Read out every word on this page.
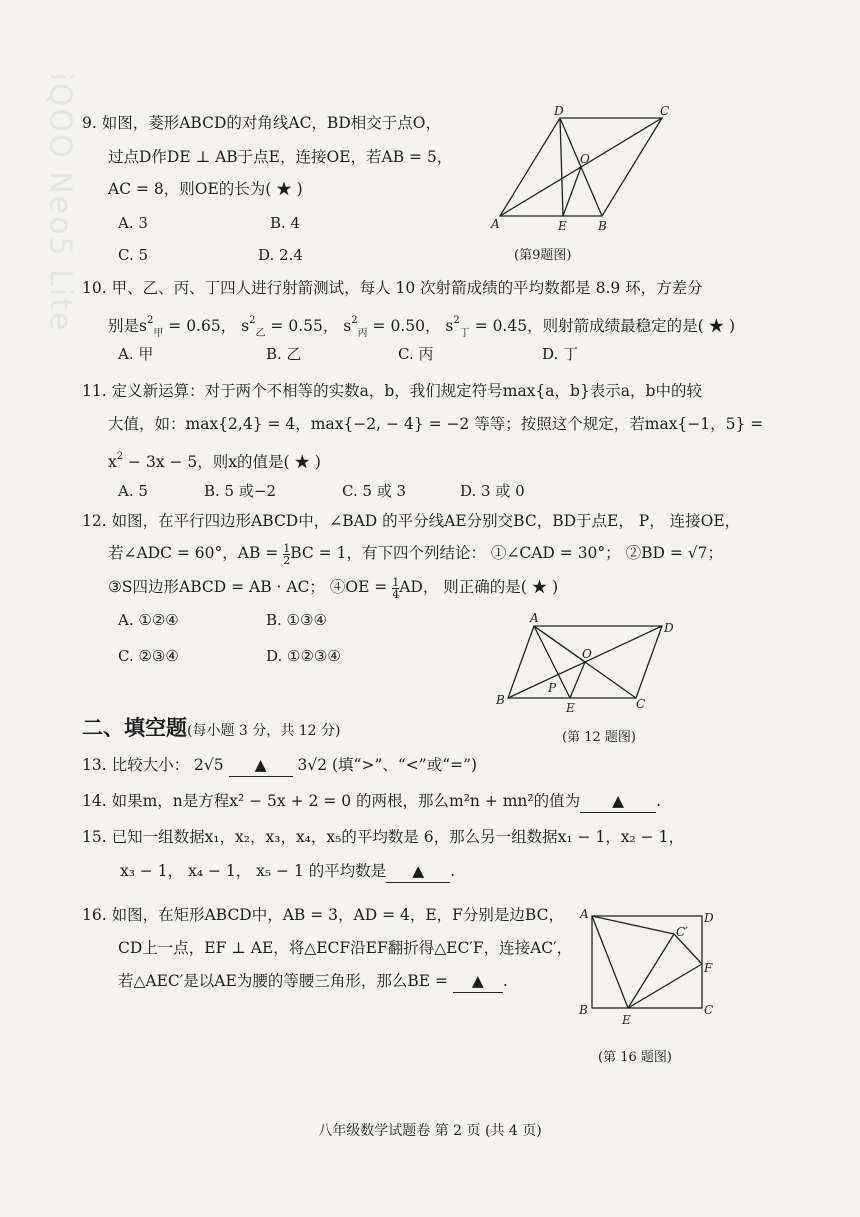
iQOO Neo5 Lite 9. 如图，菱形ABCD的对角线AC，BD相交于点O，
过点D作DE ⊥ AB于点E，连接OE，若AB = 5，
AC = 8，则OE的长为( ★ )
A. 3	B. 4
C. 5	D. 2.4
D	C
O
A	E	B
(第9题图)
10. 甲、乙、丙、丁四人进行射箭测试，每人 10 次射箭成绩的平均数都是 8.9 环，方差分
别是$s^2_甲 = 0.65$， $s^2_乙 = 0.55$， $s^2_丙 = 0.50$， $s^2_丁 = 0.45$，则射箭成绩最稳定的是( ★ )
A. 甲	B. 乙	C. 丙	D. 丁
11. 定义新运算：对于两个不相等的实数a，b，我们规定符号max{a，b}表示a，b中的较
大值，如：max{2,4} = 4，max{−2, − 4} = −2 等等；按照这个规定，若max{−1，5} =
$x^2 - 3x - 5$，则x的值是( ★ )
A. 5	B. 5 或−2	C. 5 或 3	D. 3 或 0
12. 如图，在平行四边形ABCD中，∠BAD 的平分线AE分别交BC，BD于点E， P， 连接OE，
若∠ADC = 60°，AB = $\frac{1}{2}$ BC = 1，有下四个列结论： ①∠CAD = 30°； ②BD = √7；
③S四边形ABCD = AB · AC； ④OE = $\frac{1}{4}$ AD， 则正确的是( ★ )
A. ①②④	B. ①③④
C. ②③④	D. ①②③④
A
D
O
P
B
E	C
(第 12 题图)
二、填空题(每小题 3 分，共 12 分)
13. 比较大小： 2√5 ▲ 3√2 (填“>”、“<”或“=”)
14. 如果m，n是方程x² − 5x + 2 = 0 的两根，那么m²n + mn²的值为 ▲ .
15. 已知一组数据x₁，x₂，x₃，x₄，x₅的平均数是 6，那么另一组数据x₁ − 1，x₂ − 1，
x₃ − 1， x₄ − 1， x₅ − 1 的平均数是 ▲ .
16. 如图，在矩形ABCD中，AB = 3，AD = 4，E，F分别是边BC，
CD上一点，EF ⊥ AE，将△ECF沿EF翻折得△EC′F，连接AC′，
若△AEC′是以AE为腰的等腰三角形，那么BE = ▲ .
A	D
C′
F
B
E
C
(第 16 题图)
八年级数学试题卷 第 2 页 (共 4 页)
